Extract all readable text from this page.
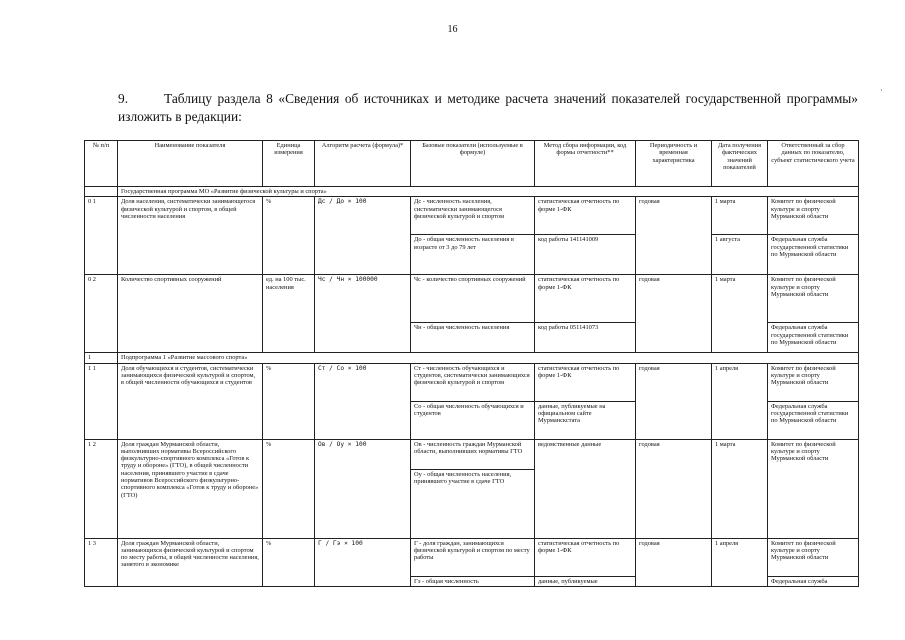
16
·
9.	Таблицу раздела 8 «Сведения об источниках и методике расчета значений показателей государственной программы» изложить в редакции:
№ п/п	Наименование показателя	Единица измерения	Алгоритм расчета (формула)*	Базовые показатели (используемые в формуле)	Метод сбора информации, код формы отчетности**	Периодичность и временная характеристика	Дата получения фактических значений показателей	Ответственный за сбор данных по показателю, субъект статистического учета
	Государственная программа МО «Развитие физической культуры и спорта»							
0 1	Доля населения, систематически занимающегося физической культурой и спортом, в общей численности населения	%	Дс / До × 100	Дс - численность населения, систематически занимающегося физической культурой и спортом	статистическая отчетность по форме 1-ФК	годовая	1 марта	Комитет по физической культуре и спорту Мурманской области
				До - общая численность населения в возрасте от 3 до 79 лет	код работы 141141009		1 августа	Федеральная служба государственной статистики по Мурманской области
0 2	Количество спортивных сооружений	ед. на 100 тыс. населения	Чс / Чн × 100000	Чс - количество спортивных сооружений	статистическая отчетность по форме 1-ФК	годовая	1 марта	Комитет по физической культуре и спорту Мурманской области
				Чн - общая численность населения	код работы 051141073			Федеральная служба государственной статистики по Мурманской области
1	Подпрограмма 1 «Развитие массового спорта»							
1 1	Доля обучающихся и студентов, систематически занимающихся физической культурой и спортом, в общей численности обучающихся и студентов	%	Ст / Со × 100	Ст - численность обучающихся и студентов, систематически занимающихся физической культурой и спортом	статистическая отчетность по форме 1-ФК	годовая	1 апреля	Комитет по физической культуре и спорту Мурманской области
				Со - общая численность обучающихся и студентов	данные, публикуемые на официальном сайте Мурманскстата			Федеральная служба государственной статистики по Мурманской области
1 2	Доля граждан Мурманской области, выполнивших нормативы Всероссийского физкультурно-спортивного комплекса «Готов к труду и обороне» (ГТО), в общей численности населения, принявшего участие в сдаче нормативов Всероссийского физкультурно-спортивного комплекса «Готов к труду и обороне» (ГТО)	%	Ов / Оу × 100	Ов - численность граждан Мурманской области, выполнивших нормативы ГТО	ведомственные данные	годовая	1 марта	Комитет по физической культуре и спорту Мурманской области
				Оу - общая численность населения, принявшего участие в сдаче ГТО				
1 3	Доля граждан Мурманской области, занимающихся физической культурой и спортом по месту работы, в общей численности населения, занятого в экономике	%	Г / Гэ × 100	Г - доля граждан, занимающихся физической культурой и спортом по месту работы	статистическая отчетность по форме 1-ФК	годовая	1 апреля	Комитет по физической культуре и спорту Мурманской области
				Гэ - общая численность	данные, публикуемые			Федеральная служба
